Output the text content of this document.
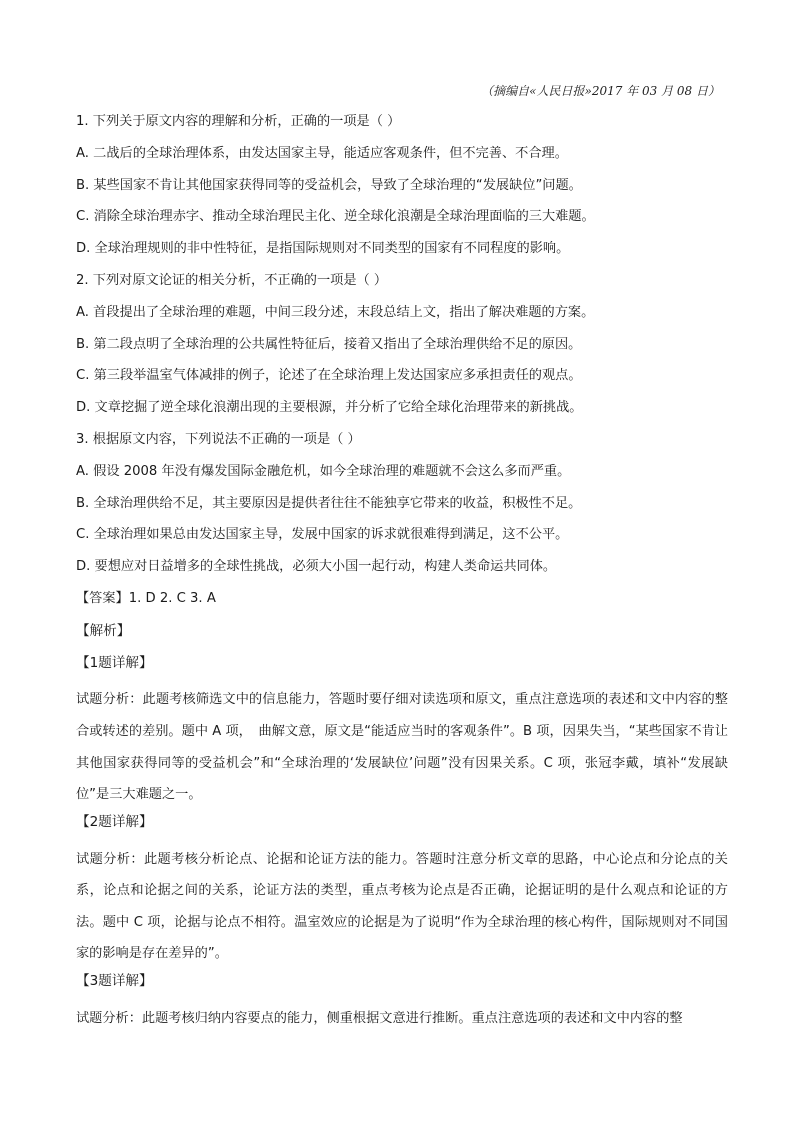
（摘编自«人民日报»2017 年 03 月 08 日）
1. 下列关于原文内容的理解和分析，正确的一项是（ ）
A. 二战后的全球治理体系，由发达国家主导，能适应客观条件，但不完善、不合理。
B. 某些国家不肯让其他国家获得同等的受益机会，导致了全球治理的“发展缺位”问题。
C. 消除全球治理赤字、推动全球治理民主化、逆全球化浪潮是全球治理面临的三大难题。
D. 全球治理规则的非中性特征，是指国际规则对不同类型的国家有不同程度的影响。
2. 下列对原文论证的相关分析，不正确的一项是（ ）
A. 首段提出了全球治理的难题，中间三段分述，末段总结上文，指出了解决难题的方案。
B. 第二段点明了全球治理的公共属性特征后，接着又指出了全球治理供给不足的原因。
C. 第三段举温室气体减排的例子，论述了在全球治理上发达国家应多承担责任的观点。
D. 文章挖掘了逆全球化浪潮出现的主要根源，并分析了它给全球化治理带来的新挑战。
3. 根据原文内容，下列说法不正确的一项是（ ）
A. 假设 2008 年没有爆发国际金融危机，如今全球治理的难题就不会这么多而严重。
B. 全球治理供给不足，其主要原因是提供者往往不能独享它带来的收益，积极性不足。
C. 全球治理如果总由发达国家主导，发展中国家的诉求就很难得到满足，这不公平。
D. 要想应对日益增多的全球性挑战，必须大小国一起行动，构建人类命运共同体。
【答案】1. D 2. C 3. A
【解析】
【1题详解】
试题分析：此题考核筛选文中的信息能力，答题时要仔细对读选项和原文，重点注意选项的表述和文中内容的整合或转述的差别。题中 A 项，　曲解文意，原文是“能适应当时的客观条件”。B 项，因果失当，“某些国家不肯让其他国家获得同等的受益机会”和“全球治理的‘发展缺位’问题”没有因果关系。C 项，张冠李戴，填补“发展缺位”是三大难题之一。
【2题详解】
试题分析：此题考核分析论点、论据和论证方法的能力。答题时注意分析文章的思路，中心论点和分论点的关系，论点和论据之间的关系，论证方法的类型，重点考核为论点是否正确，论据证明的是什么观点和论证的方法。题中 C 项，论据与论点不相符。温室效应的论据是为了说明“作为全球治理的核心构件，国际规则对不同国家的影响是存在差异的”。
【3题详解】
试题分析：此题考核归纳内容要点的能力，侧重根据文意进行推断。重点注意选项的表述和文中内容的整
